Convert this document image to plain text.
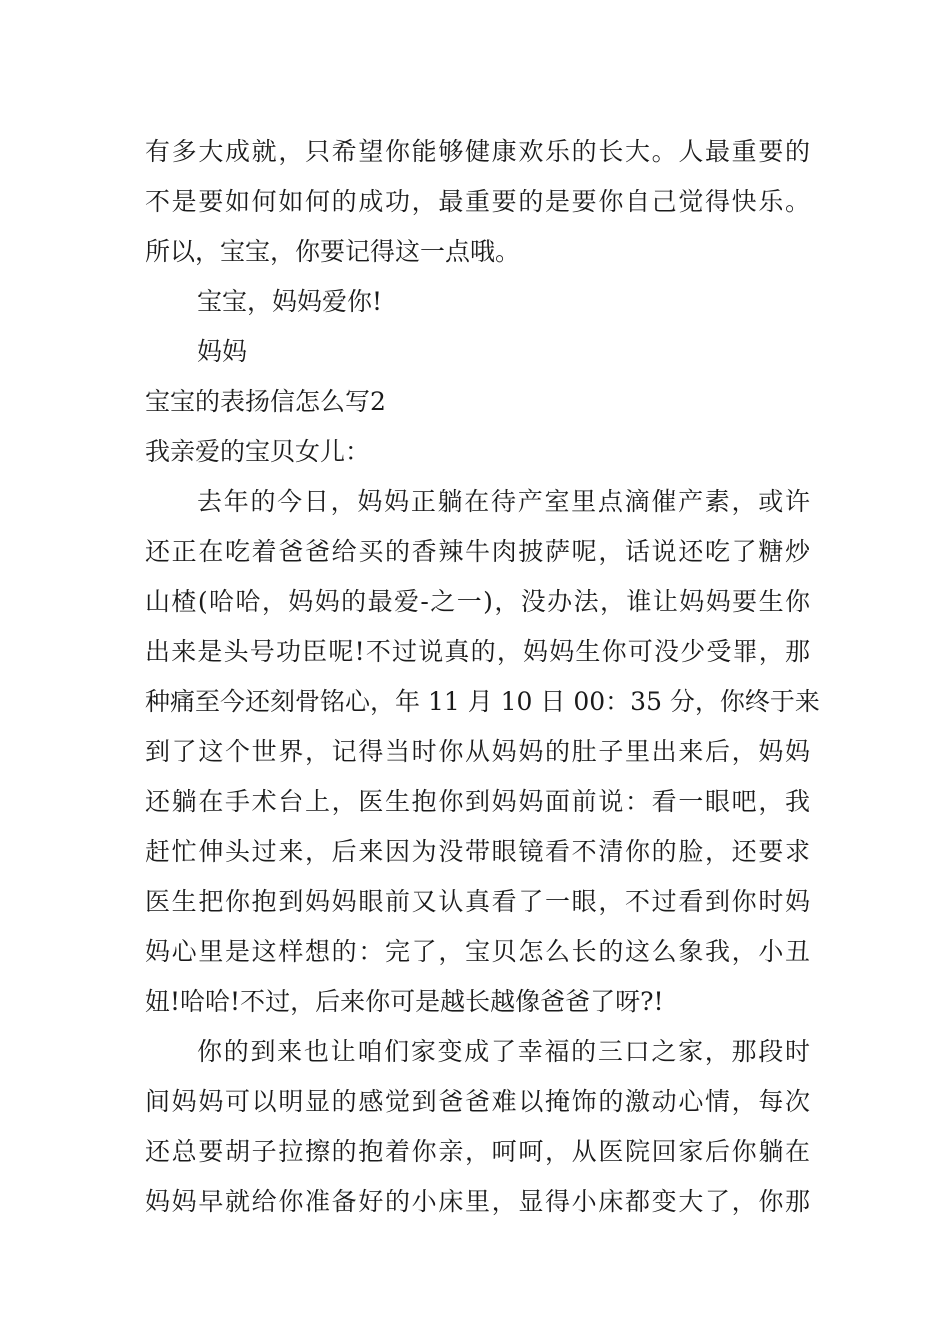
有多大成就，只希望你能够健康欢乐的长大。人最重要的
不是要如何如何的成功，最重要的是要你自己觉得快乐。
所以，宝宝，你要记得这一点哦。

宝宝，妈妈爱你!

妈妈

宝宝的表扬信怎么写2

我亲爱的宝贝女儿：

去年的今日，妈妈正躺在待产室里点滴催产素，或许
还正在吃着爸爸给买的香辣牛肉披萨呢，话说还吃了糖炒
山楂(哈哈，妈妈的最爱-之一)，没办法，谁让妈妈要生你
出来是头号功臣呢!不过说真的，妈妈生你可没少受罪，那
种痛至今还刻骨铭心，年 11 月 10 日 00：35 分，你终于来
到了这个世界，记得当时你从妈妈的肚子里出来后，妈妈
还躺在手术台上，医生抱你到妈妈面前说：看一眼吧，我
赶忙伸头过来，后来因为没带眼镜看不清你的脸，还要求
医生把你抱到妈妈眼前又认真看了一眼，不过看到你时妈
妈心里是这样想的：完了，宝贝怎么长的这么象我，小丑
妞!哈哈!不过，后来你可是越长越像爸爸了呀?!

你的到来也让咱们家变成了幸福的三口之家，那段时
间妈妈可以明显的感觉到爸爸难以掩饰的激动心情，每次
还总要胡子拉擦的抱着你亲，呵呵，从医院回家后你躺在
妈妈早就给你准备好的小床里，显得小床都变大了，你那
